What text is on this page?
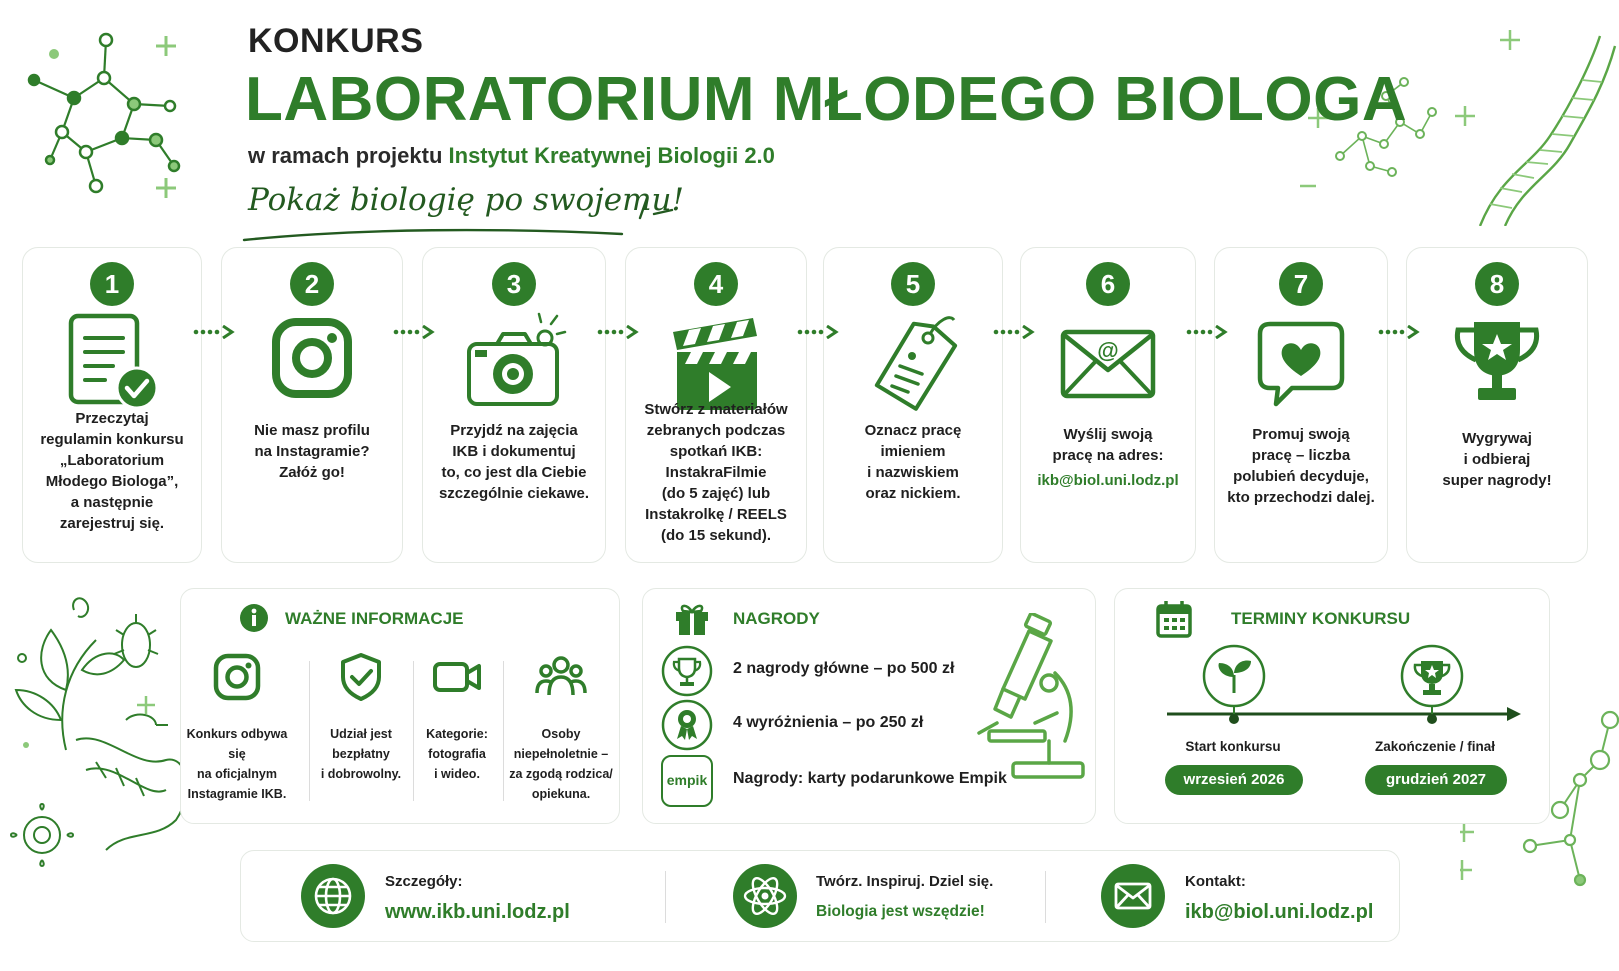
KONKURS
LABORATORIUM MŁODEGO BIOLOGA
w ramach projektu Instytut Kreatywnej Biologii 2.0
Pokaż biologię po swojemu!
1
Przeczytaj
regulamin konkursu
„Laboratorium
Młodego Biologa”,
a następnie
zarejestruj się.
2
Nie masz profilu
na Instagramie?
Załóż go!
3
Przyjdź na zajęcia
IKB i dokumentuj
to, co jest dla Ciebie
szczególnie ciekawe.
4
Stwórz z materiałów
zebranych podczas
spotkań IKB:
InstakraFilmie
(do 5 zajęć) lub
Instakrolkę / REELS
(do 15 sekund).
5
Oznacz pracę
imieniem
i nazwiskiem
oraz nickiem.
6
@
Wyślij swoją
pracę na adres:
ikb@biol.uni.lodz.pl
7
Promuj swoją
pracę – liczba
polubień decyduje,
kto przechodzi dalej.
8
Wygrywaj
i odbieraj
super nagrody!
WAŻNE INFORMACJE
Konkurs odbywa się
na oficjalnym
Instagramie IKB.
Udział jest
bezpłatny
i dobrowolny.
Kategorie:
fotografia
i wideo.
Osoby
niepełnoletnie –
za zgodą rodzica/
opiekuna.
NAGRODY
2 nagrody główne – po 500 zł
4 wyróżnienia – po 250 zł
empik Nagrody: karty podarunkowe Empik
TERMINY KONKURSU
Start konkursu
wrzesień 2026
Zakończenie / finał
grudzień 2027
Szczegóły:
www.ikb.uni.lodz.pl
Twórz. Inspiruj. Dziel się.
Biologia jest wszędzie!
Kontakt:
ikb@biol.uni.lodz.pl
